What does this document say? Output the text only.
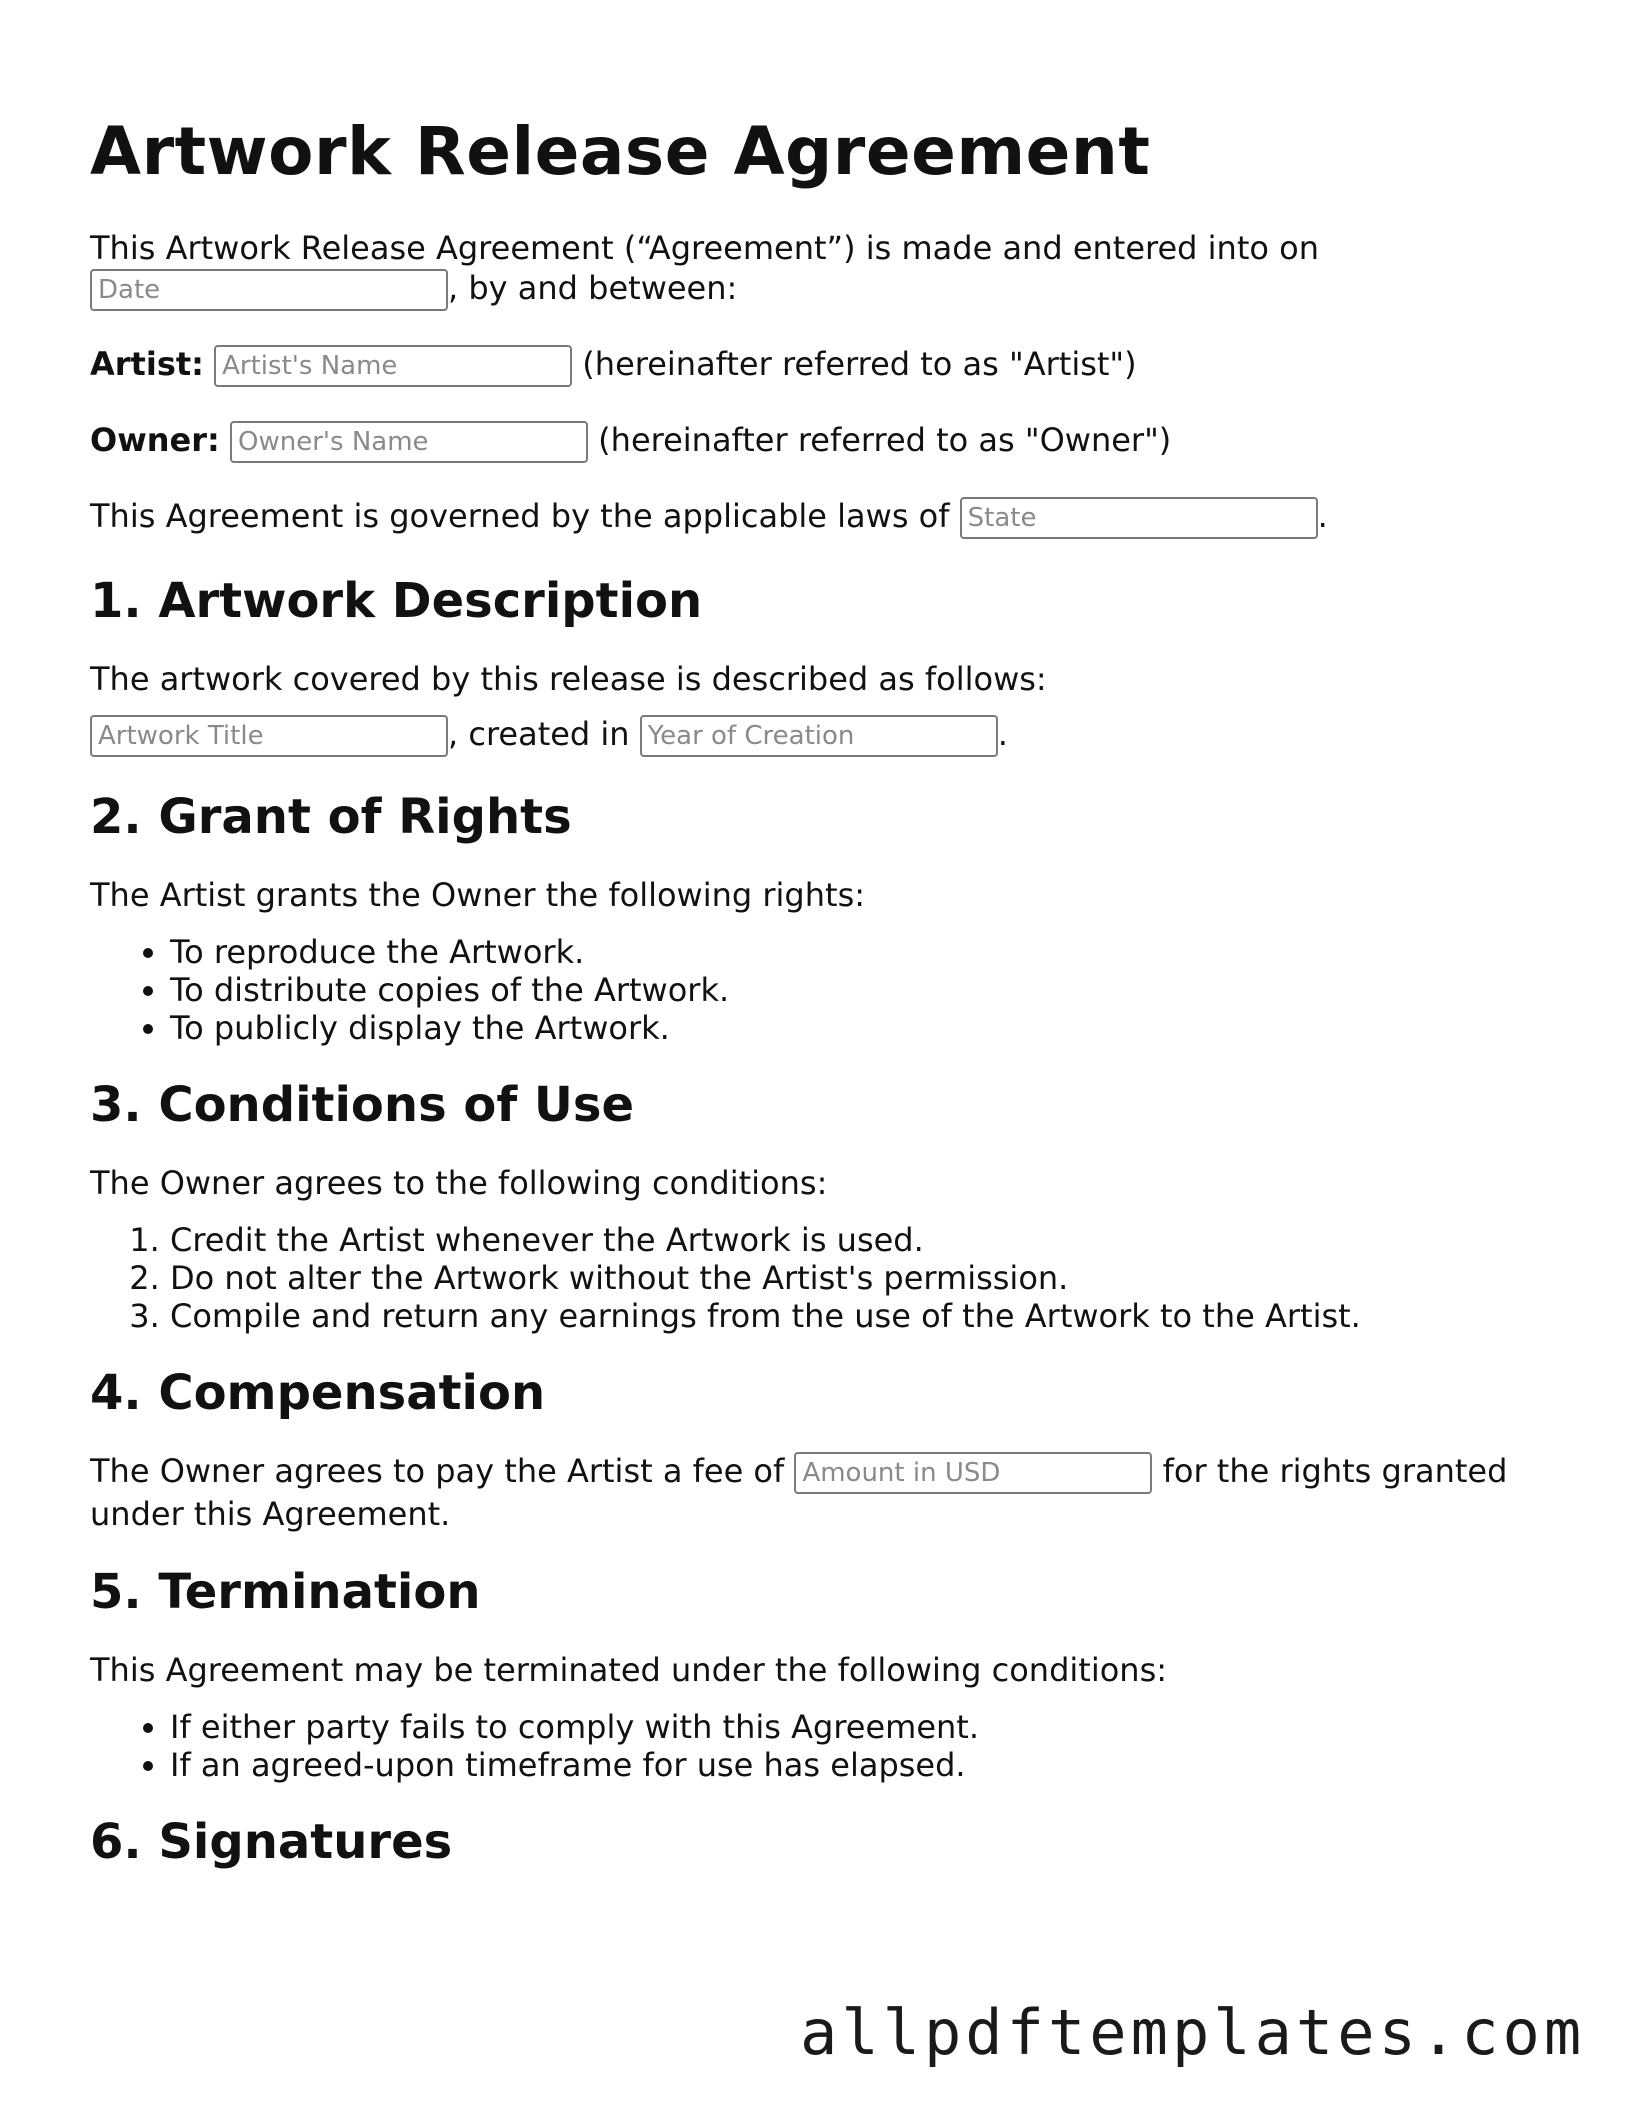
Artwork Release Agreement

This Artwork Release Agreement (“Agreement”) is made and entered into on
Date	, by and between:

Artist: Artist's Name	(hereinafter referred to as "Artist")

Owner: Owner's Name	(hereinafter referred to as "Owner")

This Agreement is governed by the applicable laws of State	.

1. Artwork Description

The artwork covered by this release is described as follows:

Artwork Title	, created in Year of Creation	.

2. Grant of Rights

The Artist grants the Owner the following rights:

• To reproduce the Artwork.
• To distribute copies of the Artwork.
• To publicly display the Artwork.
3. Conditions of Use

The Owner agrees to the following conditions:

1. Credit the Artist whenever the Artwork is used.
2. Do not alter the Artwork without the Artist's permission.
3. Compile and return any earnings from the use of the Artwork to the Artist.
4. Compensation

The Owner agrees to pay the Artist a fee of Amount in USD	for the rights granted under this Agreement.

5. Termination

This Agreement may be terminated under the following conditions:

• If either party fails to comply with this Agreement.
• If an agreed-upon timeframe for use has elapsed.
6. Signatures
allpdftemplates.com
